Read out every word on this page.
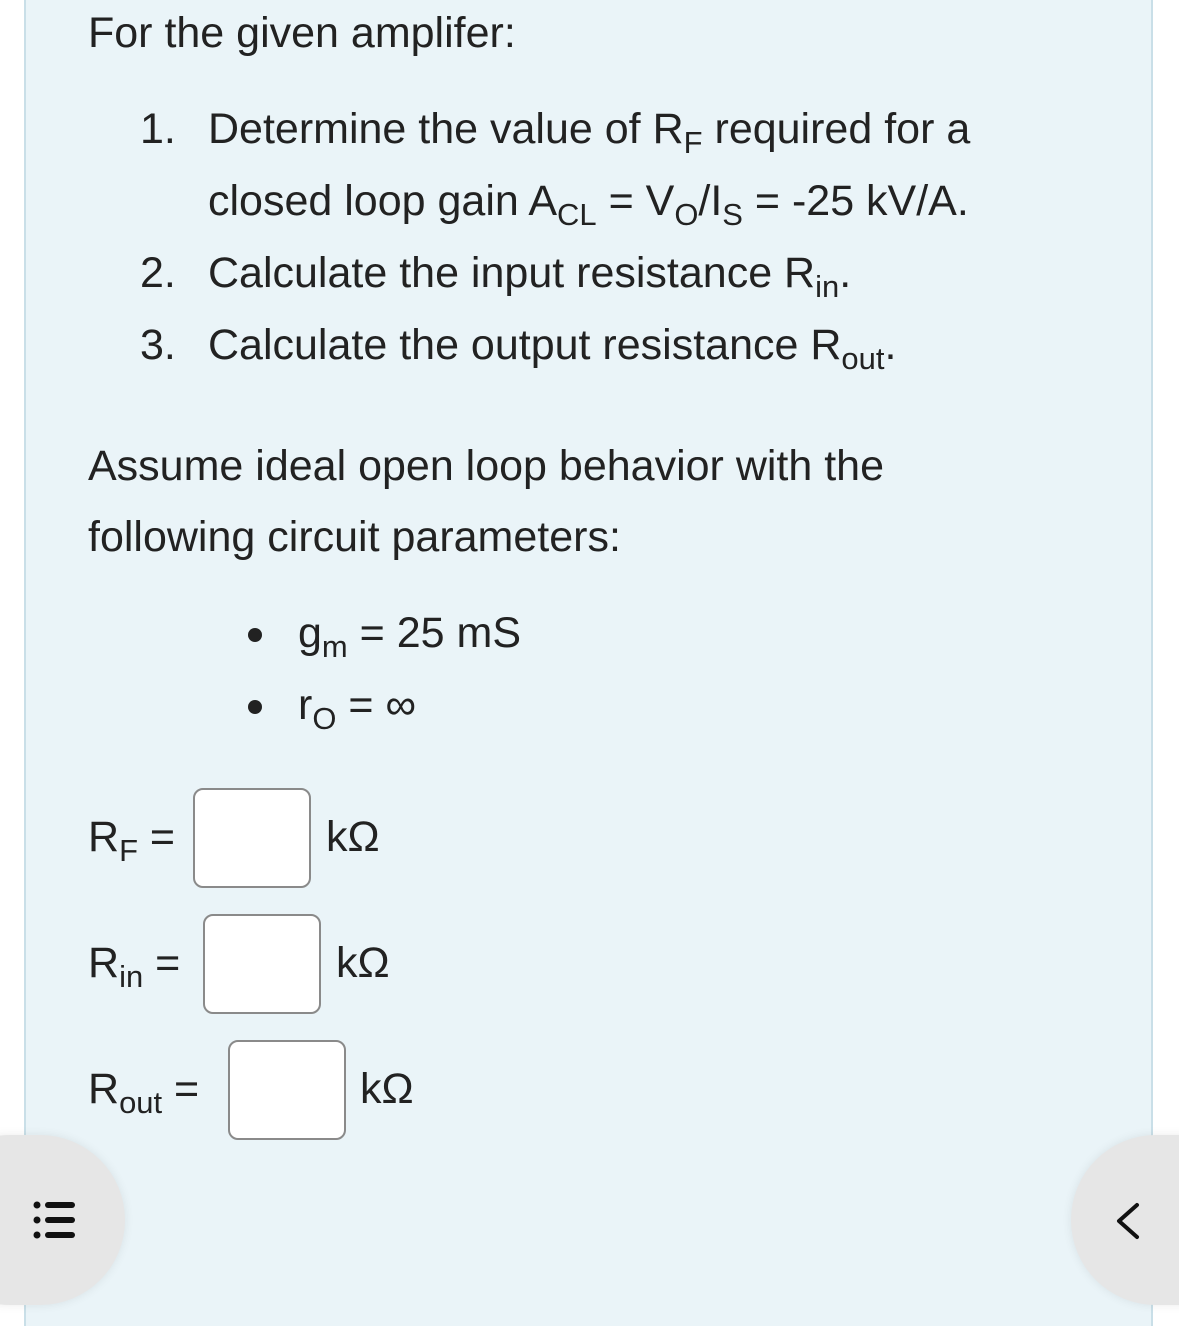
For the given amplifer:
1. Determine the value of $R_F$ required for a
closed loop gain $A_{CL} = V_O/I_S = -25$ kV/A.
2. Calculate the input resistance $R_{in}$.
3. Calculate the output resistance $R_{out}$.
Assume ideal open loop behavior with the
following circuit parameters:
$g_m = 25$ mS
$r_O$ = ∞
$R_F$ =	kΩ
$R_{in}$ =	kΩ
$R_{out}$ =	kΩ
